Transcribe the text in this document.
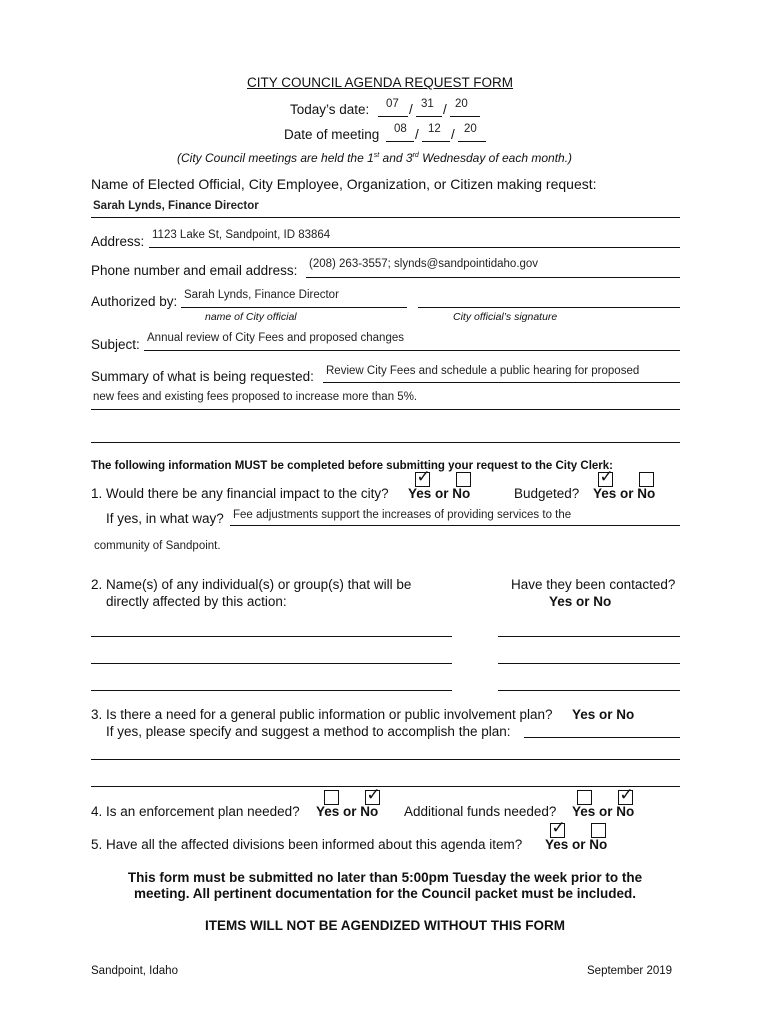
CITY COUNCIL AGENDA REQUEST FORM
Today’s date: 07 / 31 / 20
Date of meeting 08 / 12 / 20
(City Council meetings are held the 1st and 3rd Wednesday of each month.)
Name of Elected Official, City Employee, Organization, or Citizen making request:
Sarah Lynds, Finance Director
Address: 1123 Lake St, Sandpoint, ID 83864
Phone number and email address: (208) 263-3557; slynds@sandpointidaho.gov
Authorized by: Sarah Lynds, Finance Director
name of City official	City official’s signature
Subject: Annual review of City Fees and proposed changes
Summary of what is being requested: Review City Fees and schedule a public hearing for proposed
new fees and existing fees proposed to increase more than 5%.
The following information MUST be completed before submitting your request to the City Clerk:
✓	✓
1. Would there be any financial impact to the city? Yes or No	Budgeted? Yes or No
If yes, in what way? Fee adjustments support the increases of providing services to the
community of Sandpoint.
2. Name(s) of any individual(s) or group(s) that will be
directly affected by this action:
Have they been contacted?
Yes or No
3. Is there a need for a general public information or public involvement plan? Yes or No
If yes, please specify and suggest a method to accomplish the plan:
✓	✓
4. Is an enforcement plan needed? Yes or No Additional funds needed? Yes or No
✓
5. Have all the affected divisions been informed about this agenda item? Yes or No
This form must be submitted no later than 5:00pm Tuesday the week prior to the
meeting. All pertinent documentation for the Council packet must be included.
ITEMS WILL NOT BE AGENDIZED WITHOUT THIS FORM
Sandpoint, Idaho	September 2019
